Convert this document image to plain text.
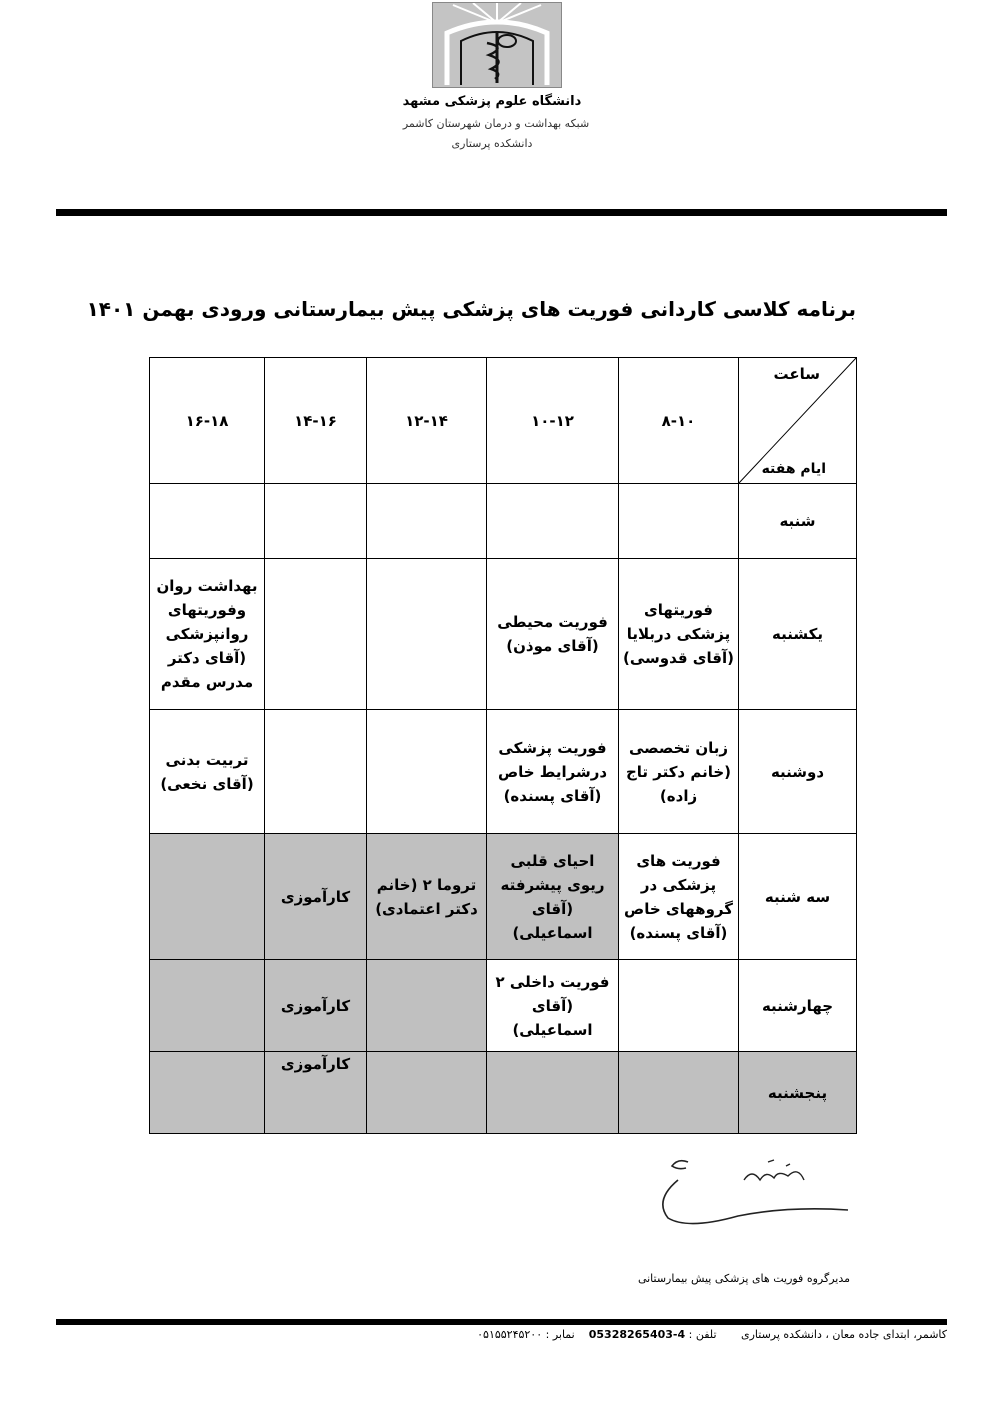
دانشگاه علوم پزشکی مشهد
شبکه بهداشت و درمان شهرستان کاشمر
دانشکده پرستاری
برنامه کلاسی کاردانی فوریت های پزشکی پیش بیمارستانی ورودی بهمن ۱۴۰۱
ساعت
ایام هفته	۸-۱۰	۱۰-۱۲	۱۲-۱۴	۱۴-۱۶	۱۶-۱۸
شنبه					
یکشنبه	فوریتهای پزشکی دربلایا (آقای قدوسی)	فوریت محیطی (آقای موذن)			بهداشت روان وفوریتهای روانپزشکی (آقای دکتر مدرس مقدم
دوشنبه	زبان تخصصی (خانم دکتر تاج زاده)	فوریت پزشکی درشرایط خاص (آقای پسنده)			تربیت بدنی (آقای نخعی)
سه شنبه	فوریت های پزشکی در گروههای خاص (آقای پسنده)	احیای قلبی ریوی پیشرفته (آقای اسماعیلی)	تروما ۲ (خانم دکتر اعتمادی)	کارآموزی	
چهارشنبه		فوریت داخلی ۲ (آقای اسماعیلی)		کارآموزی	
پنجشنبه				کارآموزی	
مدیرگروه فوریت های پزشکی پیش بیمارستانی
کاشمر، ابتدای جاده معان ، دانشکده پرستاری       تلفن : 05328265403-4    نمابر : ۰۵۱۵۵۲۴۵۲۰۰
